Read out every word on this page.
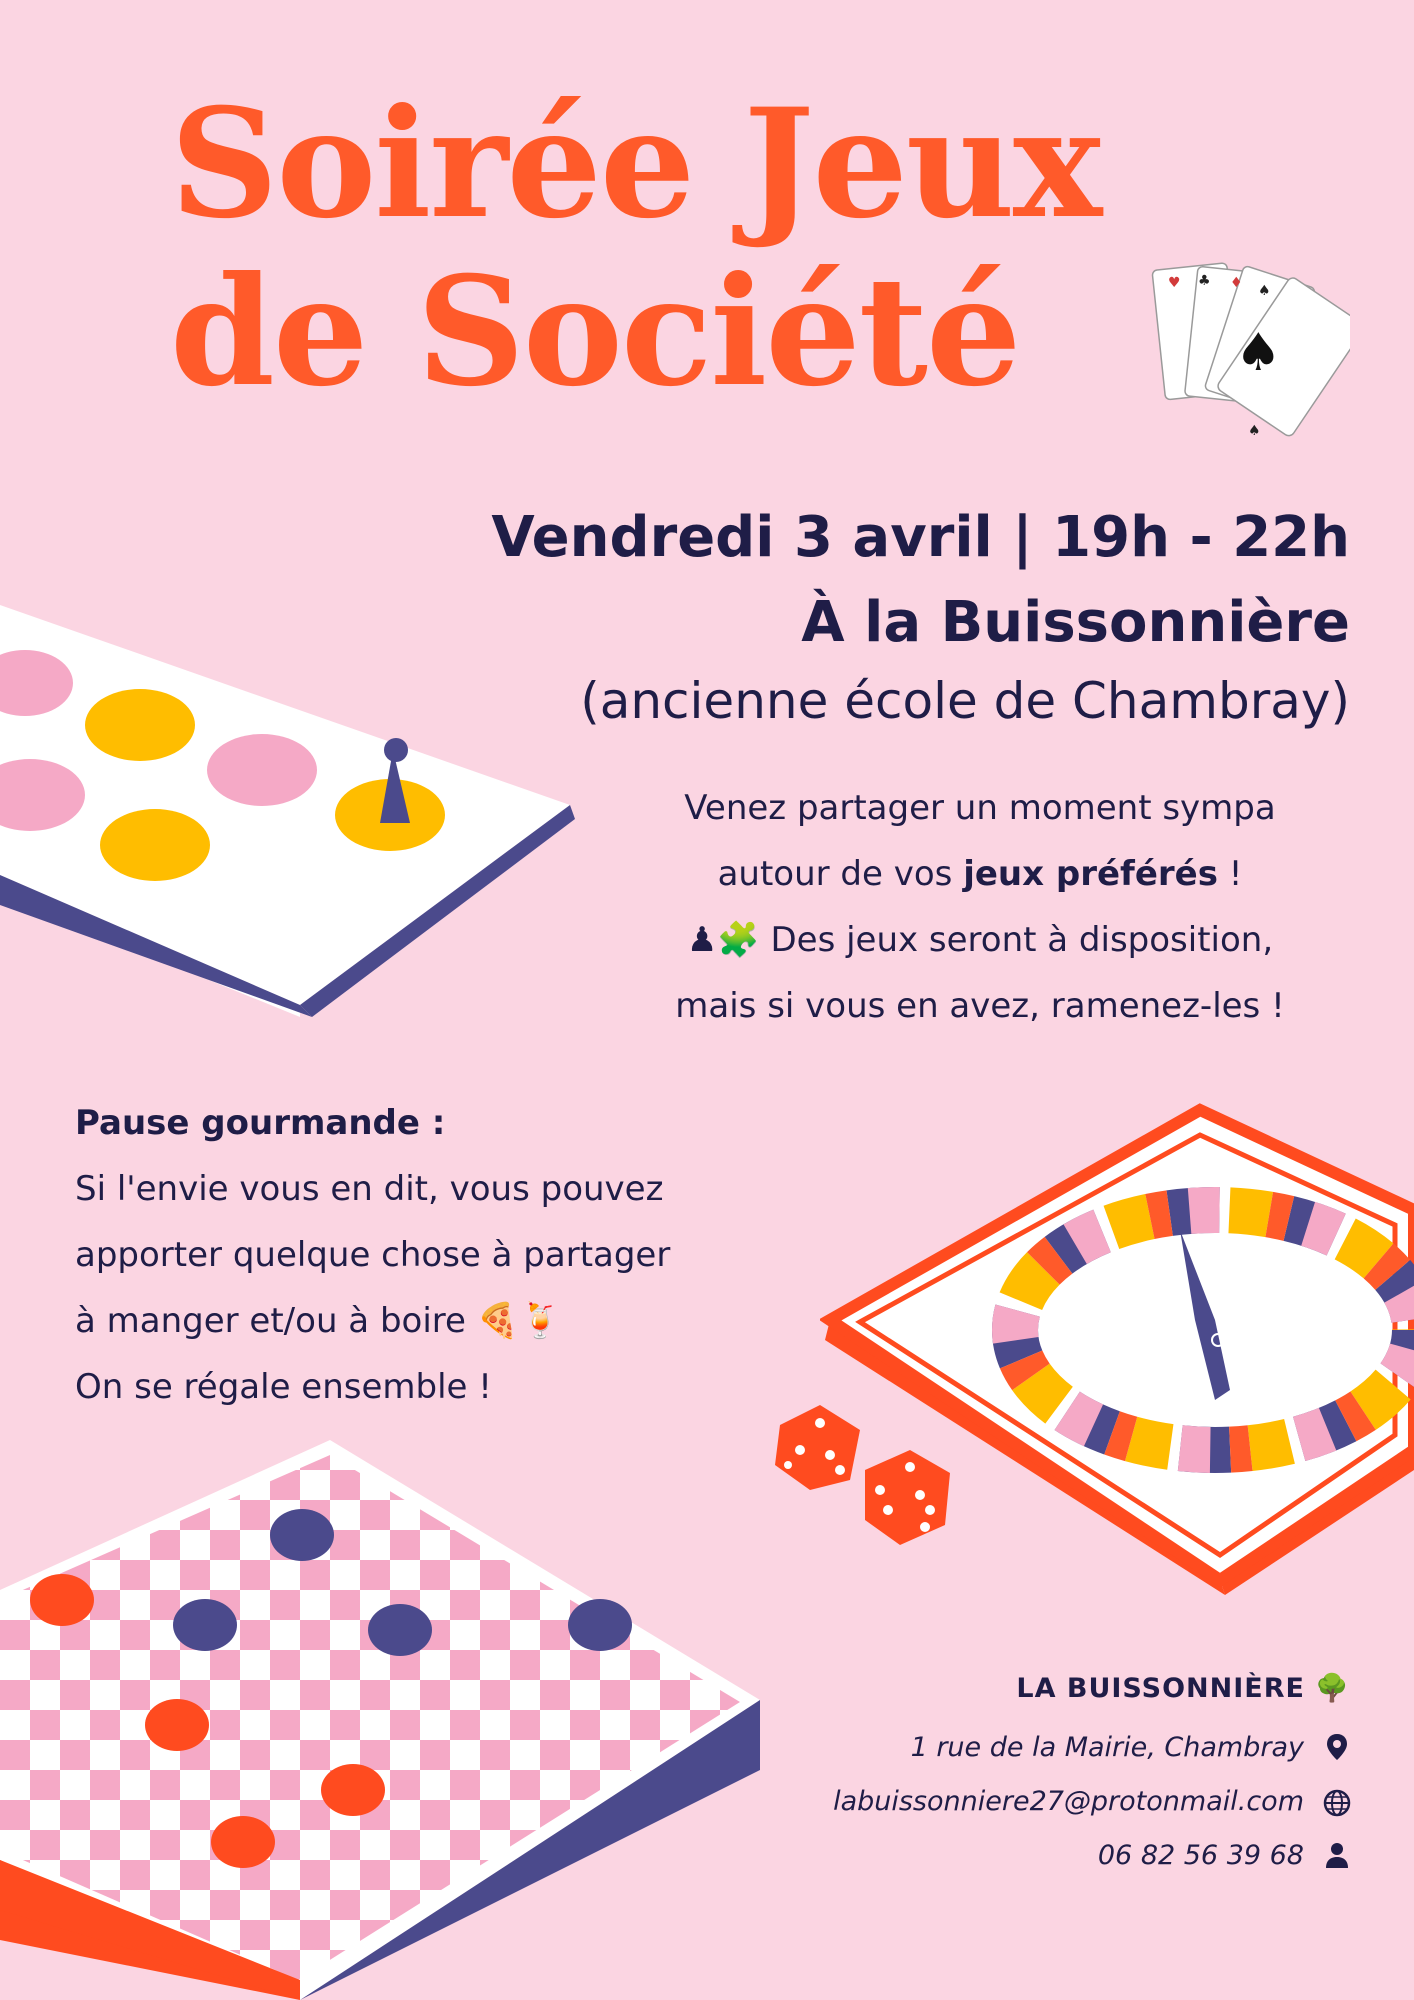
Soirée Jeux
de Société	♥ ♣ ♦ ♠
♠
♠
Vendredi 3 avril | 19h - 22h
À la Buissonnière
(ancienne école de Chambray)
Venez partager un moment sympa
autour de vos jeux préférés !
♟🧩 Des jeux seront à disposition,
mais si vous en avez, ramenez-les !
Pause gourmande :
Si l'envie vous en dit, vous pouvez
apporter quelque chose à partager
à manger et/ou à boire 🍕🍹
On se régale ensemble !
LA BUISSONNIÈRE 🌳
1 rue de la Mairie, Chambray
labuissonniere27@protonmail.com
06 82 56 39 68
